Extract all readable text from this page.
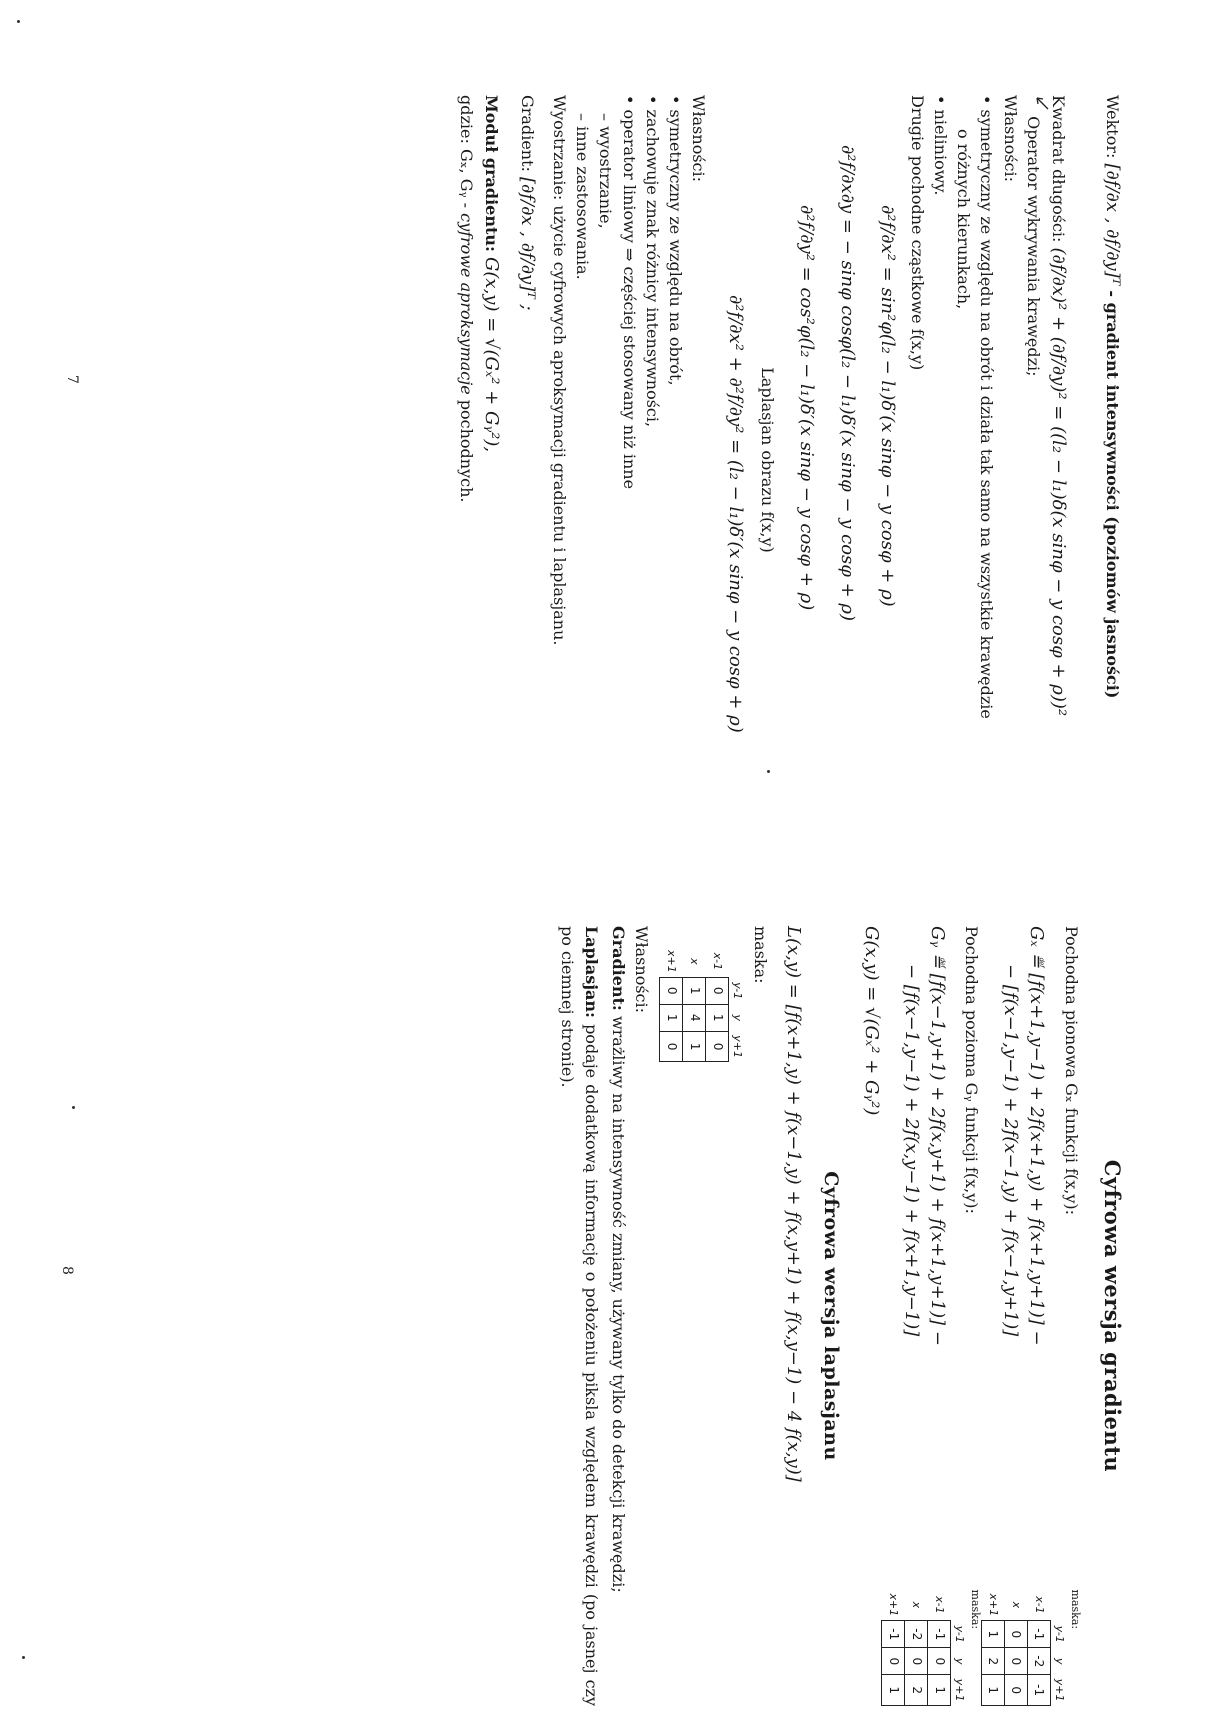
Wektor: [∂f/∂x , ∂f/∂y]ᵀ - gradient intensywności (poziomów jasności)
Kwadrat długości: (∂f/∂x)² + (∂f/∂y)² = ((l₂ − l₁)δ(x sinφ − y cosφ + ρ))²
Operator wykrywania krawędzi;
Własności:
• symetryczny ze względu na obrót i działa tak samo na wszystkie krawędzie
o różnych kierunkach,
• nieliniowy.
Drugie pochodne cząstkowe f(x,y)
∂²f/∂x² = sin²φ(l₂ − l₁)δ′(x sinφ − y cosφ + ρ)
∂²f/∂x∂y = − sinφ cosφ(l₂ − l₁)δ′(x sinφ − y cosφ + ρ)
∂²f/∂y² = cos²φ(l₂ − l₁)δ′(x sinφ − y cosφ + ρ)
Laplasjan obrazu f(x,y)
∂²f/∂x² + ∂²f/∂y² = (l₂ − l₁)δ′(x sinφ − y cosφ + ρ)
Własności:
• symetryczny ze względu na obrót,
• zachowuje znak różnicy intensywności,
• operator liniowy ⇒ częściej stosowany niż inne
– wyostrzanie,
– inne zastosowania.
Wyostrzanie: użycie cyfrowych aproksymacji gradientu i laplasjanu.
Gradient: [∂f/∂x , ∂f/∂y]ᵀ ;
Moduł gradientu: G(x,y) = √(Gₓ² + Gᵧ²),
gdzie: Gₓ, Gᵧ - cyfrowe aproksymacje pochodnych.
7
Cyfrowa wersja gradientu
Pochodna pionowa Gₓ funkcji f(x,y):
Gₓ ≝ [f(x+1,y−1) + 2f(x+1,y) + f(x+1,y+1)] −
− [f(x−1,y−1) + 2f(x−1,y) + f(x−1,y+1)]
maska:
	y-1	y	y+1
x-1	-1	-2	-1
x	0	0	0
x+1	1	2	1
Pochodna pozioma Gᵧ funkcji f(x,y):
Gᵧ ≝ [f(x−1,y+1) + 2f(x,y+1) + f(x+1,y+1)] −
− [f(x−1,y−1) + 2f(x,y−1) + f(x+1,y−1)]
maska:
	y-1	y	y+1
x-1	-1	0	1
x	-2	0	2
x+1	-1	0	1
G(x,y) = √(Gₓ² + Gᵧ²)
Cyfrowa wersja laplasjanu
L(x,y) = [f(x+1,y) + f(x−1,y) + f(x,y+1) + f(x,y−1) − 4 f(x,y)]
maska:
	y-1	y	y+1
x-1	0	1	0
x	1	4	1
x+1	0	1	0
Własności:
Gradient: wrażliwy na intensywność zmiany, używany tylko do detekcji krawędzi;
Laplasjan: podaje dodatkową informację o położeniu piksla względem krawędzi (po jasnej czy po ciemnej stronie).
8
